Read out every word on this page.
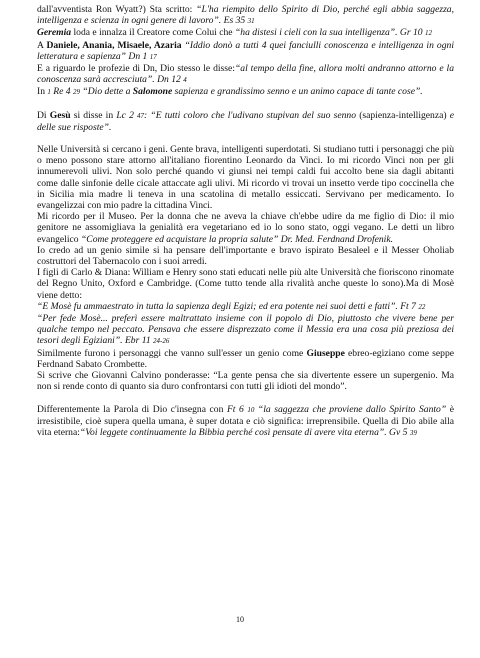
dall'avventista Ron Wyatt?) Sta scritto: “L'ha riempito dello Spirito di Dio, perché egli abbia saggezza, intelligenza e scienza in ogni genere di lavoro”. Es 35 31

Geremia loda e innalza il Creatore come Colui che “ha distesi i cieli con la sua intelligenza”. Gr 10 12

A Daniele, Anania, Misaele, Azaria “Iddio donò a tutti 4 quei fanciulli conoscenza e intelligenza in ogni letteratura e sapienza” Dn 1 17

E a riguardo le profezie di Dn, Dio stesso le disse:“al tempo della fine, allora molti andranno attorno e la conoscenza sarà accresciuta”. Dn 12 4

In 1 Re 4 29 “Dio dette a Salomone sapienza e grandissimo senno e un animo capace di tante cose”.

Di Gesù si disse in Lc 2 47: “E tutti coloro che l'udivano stupivan del suo senno (sapienza-intelligenza) e delle sue risposte”.

Nelle Università si cercano i geni. Gente brava, intelligenti superdotati. Si studiano tutti i personaggi che più o meno possono stare attorno all'italiano fiorentino Leonardo da Vinci. Io mi ricordo Vinci non per gli innumerevoli ulivi. Non solo perché quando vi giunsi nei tempi caldi fui accolto bene sia dagli abitanti come dalle sinfonie delle cicale attaccate agli ulivi. Mi ricordo vi trovai un insetto verde tipo coccinella che in Sicilia mia madre li teneva in una scatolina di metallo essiccati. Servivano per medicamento. Io evangelizzai con mio padre la cittadina Vinci.

Mi ricordo per il Museo. Per la donna che ne aveva la chiave ch'ebbe udire da me figlio di Dio: il mio genitore ne assomigliava la genialità era vegetariano ed io lo sono stato, oggi vegano. Le detti un libro evangelico “Come proteggere ed acquistare la propria salute” Dr. Med. Ferdnand Drofenik.

Io credo ad un genio simile si ha pensare dell'importante e bravo ispirato Besaleel e il Messer Oholiab costruttori del Tabernacolo con i suoi arredi.

I figli di Carlo & Diana: William e Henry sono stati educati nelle più alte Università che fioriscono rinomate del Regno Unito, Oxford e Cambridge. (Come tutto tende alla rivalità anche queste lo sono).Ma di Mosè viene detto:

“E Mosè fu ammaestrato in tutta la sapienza degli Egizi; ed era potente nei suoi detti e fatti”. Ft 7 22

“Per fede Mosè... preferì essere maltrattato insieme con il popolo di Dio, piuttosto che vivere bene per qualche tempo nel peccato. Pensava che essere disprezzato come il Messia era una cosa più preziosa dei tesori degli Egiziani”. Ebr 11 24-26

Similmente furono i personaggi che vanno sull'esser un genio come Giuseppe ebreo-egiziano come seppe Ferdnand Sabato Crombette.

Si scrive che Giovanni Calvino ponderasse: “La gente pensa che sia divertente essere un supergenio. Ma non si rende conto di quanto sia duro confrontarsi con tutti gli idioti del mondo”.

Differentemente la Parola di Dio c'insegna con Ft 6 10 “la saggezza che proviene dallo Spirito Santo” è irresistibile, cioè supera quella umana, è super dotata e ciò significa: irreprensibile. Quella di Dio abile alla vita eterna:“Voi leggete continuamente la Bibbia perché così pensate di avere vita eterna”. Gv 5 39

10
